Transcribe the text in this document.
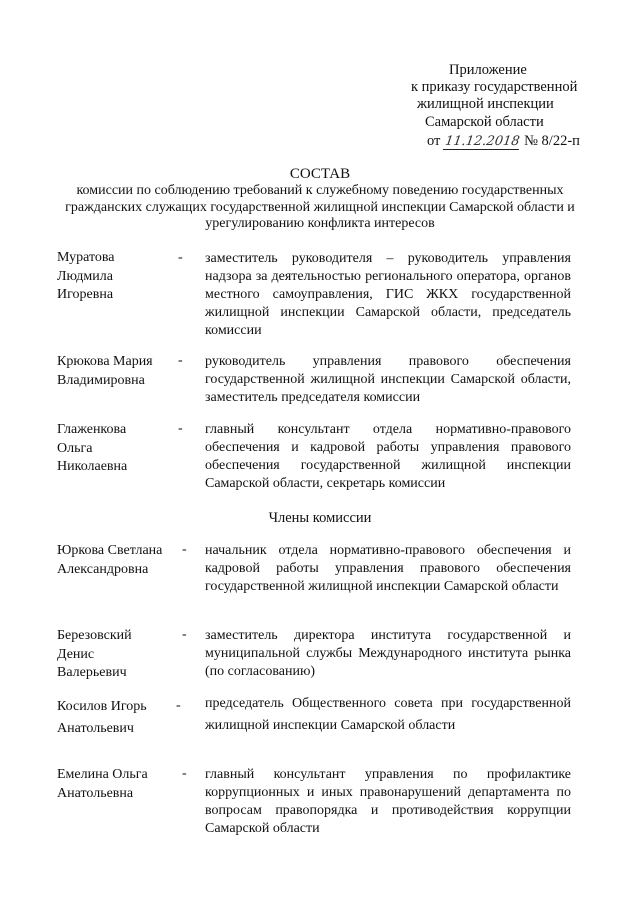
Приложение
к приказу государственной
жилищной инспекции
Самарской области
от 11.12.2018 № 8/22-п
СОСТАВ
комиссии по соблюдению требований к служебному поведению государственных гражданских служащих государственной жилищной инспекции Самарской области и урегулированию конфликта интересов
Муратова Людмила Игоревна
- заместитель руководителя – руководитель управления надзора за деятельностью регионального оператора, органов местного самоуправления, ГИС ЖКХ государственной жилищной инспекции Самарской области, председатель комиссии
Крюкова Мария Владимировна
- руководитель управления правового обеспечения государственной жилищной инспекции Самарской области, заместитель председателя комиссии
Глаженкова Ольга Николаевна
- главный консультант отдела нормативно-правового обеспечения и кадровой работы управления правового обеспечения государственной жилищной инспекции Самарской области, секретарь комиссии
Члены комиссии
Юркова Светлана Александровна
- начальник отдела нормативно-правового обеспечения и кадровой работы управления правового обеспечения государственной жилищной инспекции Самарской области
Березовский Денис Валерьевич
- заместитель директора института государственной и муниципальной службы Международного института рынка (по согласованию)
Косилов Игорь Анатольевич
- председатель Общественного совета при государственной жилищной инспекции Самарской области
Емелина Ольга Анатольевна
- главный консультант управления по профилактике коррупционных и иных правонарушений департамента по вопросам правопорядка и противодействия коррупции Самарской области
